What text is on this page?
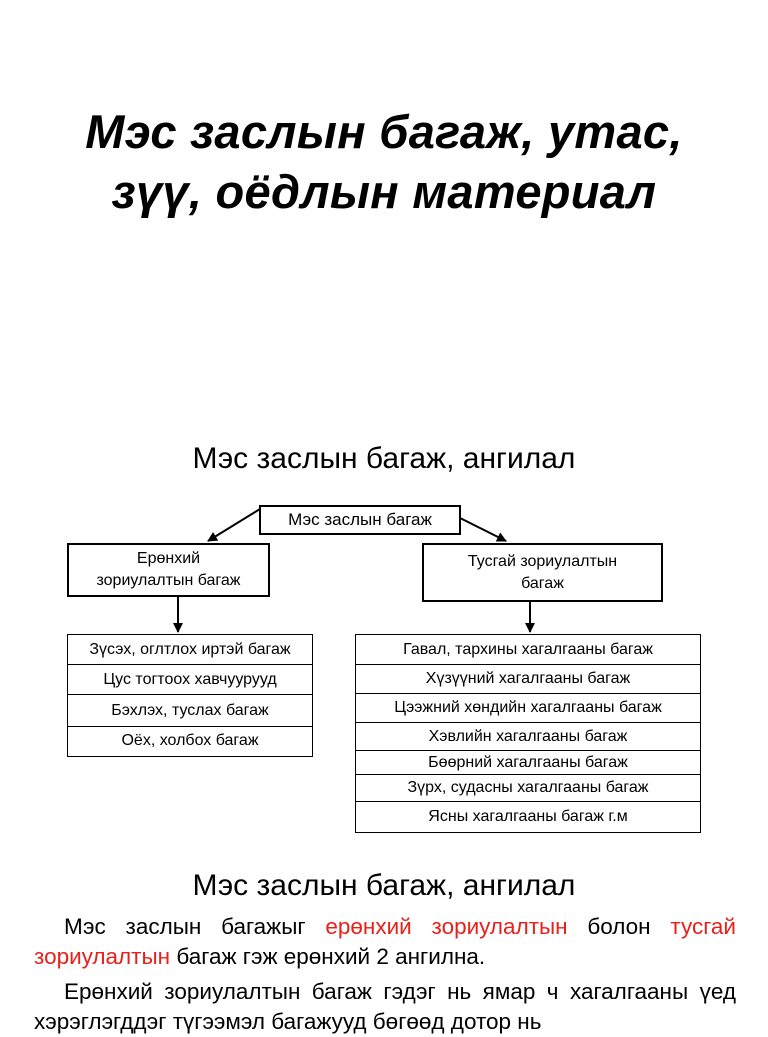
Мэс заслын багаж, утас,
зүү, оёдлын материал
Мэс заслын багаж, ангилал
Мэс заслын багаж
Ерөнхий
зориулалтын багаж
Тусгай зориулалтын
багаж
Зүсэх, оглтлох иртэй багаж
Цус тогтоох хавчуурууд
Бэхлэх, туслах багаж
Оёх, холбох багаж
Гавал, тархины хагалгааны багаж
Хүзүүний хагалгааны багаж
Цээжний хөндийн хагалгааны багаж
Хэвлийн хагалгааны багаж
Бөөрний хагалгааны багаж
Зүрх, судасны хагалгааны багаж
Ясны хагалгааны багаж г.м
Мэс заслын багаж, ангилал
Мэс заслын багажыг ерөнхий зориулалтын болон тусгай зориулалтын багаж гэж ерөнхий 2 ангилна.
Ерөнхий зориулалтын багаж гэдэг нь ямар ч хагалгааны үед хэрэглэгддэг түгээмэл багажууд бөгөөд дотор нь
